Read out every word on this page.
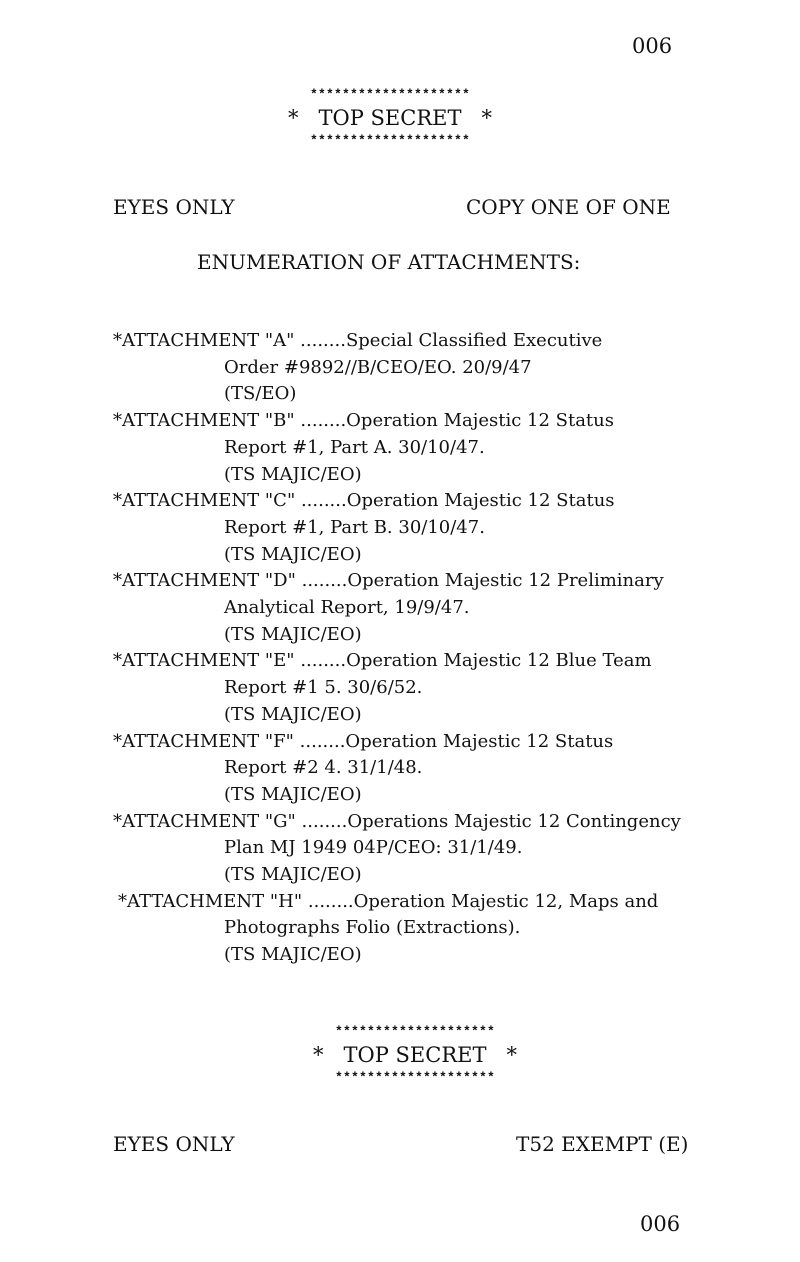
006
********************
*   TOP SECRET   *
********************
EYES ONLY	COPY ONE OF ONE
ENUMERATION OF ATTACHMENTS:
*ATTACHMENT "A" ........Special Classified Executive
Order #9892//B/CEO/EO. 20/9/47
(TS/EO)
*ATTACHMENT "B" ........Operation Majestic 12 Status
Report #1, Part A. 30/10/47.
(TS MAJIC/EO)
*ATTACHMENT "C" ........Operation Majestic 12 Status
Report #1, Part B. 30/10/47.
(TS MAJIC/EO)
*ATTACHMENT "D" ........Operation Majestic 12 Preliminary
Analytical Report, 19/9/47.
(TS MAJIC/EO)
*ATTACHMENT "E" ........Operation Majestic 12 Blue Team
Report #1 5. 30/6/52.
(TS MAJIC/EO)
*ATTACHMENT "F" ........Operation Majestic 12 Status
Report #2 4. 31/1/48.
(TS MAJIC/EO)
*ATTACHMENT "G" ........Operations Majestic 12 Contingency
Plan MJ 1949 04P/CEO: 31/1/49.
(TS MAJIC/EO)
*ATTACHMENT "H" ........Operation Majestic 12, Maps and
Photographs Folio (Extractions).
(TS MAJIC/EO)
********************
*   TOP SECRET   *
********************
EYES ONLY	T52 EXEMPT (E)
006
